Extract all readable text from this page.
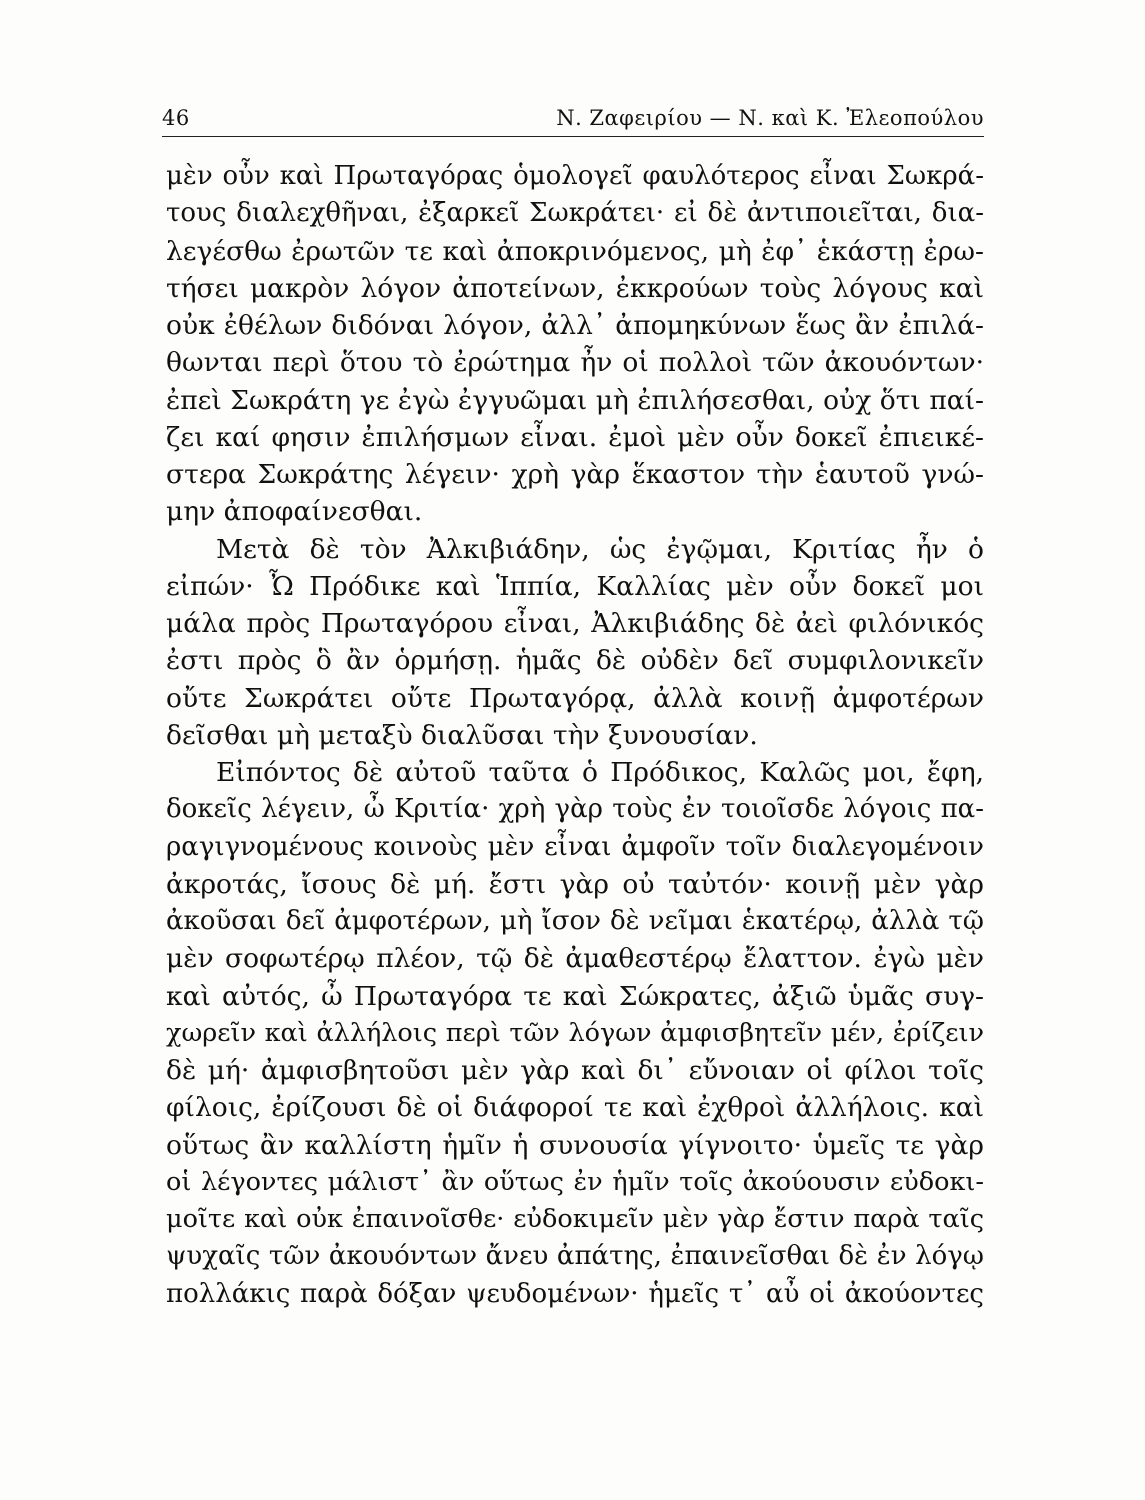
46	Ν. Ζαφειρίου — Ν. καὶ Κ. Ἐλεοπούλου
μὲν οὖν καὶ Πρωταγόρας ὁμολογεῖ φαυλότερος εἶναι Σωκρά-
τους διαλεχθῆναι, ἐξαρκεῖ Σωκράτει· εἰ δὲ ἀντιποιεῖται, δια-
λεγέσθω ἐρωτῶν τε καὶ ἀποκρινόμενος, μὴ ἐφ᾽ ἑκάστῃ ἐρω-
τήσει μακρὸν λόγον ἀποτείνων, ἐκκρούων τοὺς λόγους καὶ
οὐκ ἐθέλων διδόναι λόγον, ἀλλ᾽ ἀπομηκύνων ἕως ἂν ἐπιλά-
θωνται περὶ ὅτου τὸ ἐρώτημα ἦν οἱ πολλοὶ τῶν ἀκουόντων·
ἐπεὶ Σωκράτη γε ἐγὼ ἐγγυῶμαι μὴ ἐπιλήσεσθαι, οὐχ ὅτι παί-
ζει καί φησιν ἐπιλήσμων εἶναι. ἐμοὶ μὲν οὖν δοκεῖ ἐπιεικέ-
στερα Σωκράτης λέγειν· χρὴ γὰρ ἕκαστον τὴν ἑαυτοῦ γνώ-
μην ἀποφαίνεσθαι.
Μετὰ δὲ τὸν Ἀλκιβιάδην, ὡς ἐγῷμαι, Κριτίας ἦν ὁ
εἰπών· Ὦ Πρόδικε καὶ Ἱππία, Καλλίας μὲν οὖν δοκεῖ μοι
μάλα πρὸς Πρωταγόρου εἶναι, Ἀλκιβιάδης δὲ ἀεὶ φιλόνικός
ἐστι πρὸς ὃ ἂν ὁρμήσῃ. ἡμᾶς δὲ οὐδὲν δεῖ συμφιλονικεῖν
οὔτε Σωκράτει οὔτε Πρωταγόρᾳ, ἀλλὰ κοινῇ ἀμφοτέρων
δεῖσθαι μὴ μεταξὺ διαλῦσαι τὴν ξυνουσίαν.
Εἰπόντος δὲ αὐτοῦ ταῦτα ὁ Πρόδικος, Καλῶς μοι, ἔφη,
δοκεῖς λέγειν, ὦ Κριτία· χρὴ γὰρ τοὺς ἐν τοιοῖσδε λόγοις πα-
ραγιγνομένους κοινοὺς μὲν εἶναι ἀμφοῖν τοῖν διαλεγομένοιν
ἀκροτάς, ἴσους δὲ μή. ἔστι γὰρ οὐ ταὐτόν· κοινῇ μὲν γὰρ
ἀκοῦσαι δεῖ ἀμφοτέρων, μὴ ἴσον δὲ νεῖμαι ἑκατέρῳ, ἀλλὰ τῷ
μὲν σοφωτέρῳ πλέον, τῷ δὲ ἀμαθεστέρῳ ἔλαττον. ἐγὼ μὲν
καὶ αὐτός, ὦ Πρωταγόρα τε καὶ Σώκρατες, ἀξιῶ ὑμᾶς συγ-
χωρεῖν καὶ ἀλλήλοις περὶ τῶν λόγων ἀμφισβητεῖν μέν, ἐρίζειν
δὲ μή· ἀμφισβητοῦσι μὲν γὰρ καὶ δι᾽ εὔνοιαν οἱ φίλοι τοῖς
φίλοις, ἐρίζουσι δὲ οἱ διάφοροί τε καὶ ἐχθροὶ ἀλλήλοις. καὶ
οὕτως ἂν καλλίστη ἡμῖν ἡ συνουσία γίγνοιτο· ὑμεῖς τε γὰρ
οἱ λέγοντες μάλιστ᾽ ἂν οὕτως ἐν ἡμῖν τοῖς ἀκούουσιν εὐδοκι-
μοῖτε καὶ οὐκ ἐπαινοῖσθε· εὐδοκιμεῖν μὲν γὰρ ἔστιν παρὰ ταῖς
ψυχαῖς τῶν ἀκουόντων ἄνευ ἀπάτης, ἐπαινεῖσθαι δὲ ἐν λόγῳ
πολλάκις παρὰ δόξαν ψευδομένων· ἡμεῖς τ᾽ αὖ οἱ ἀκούοντες
